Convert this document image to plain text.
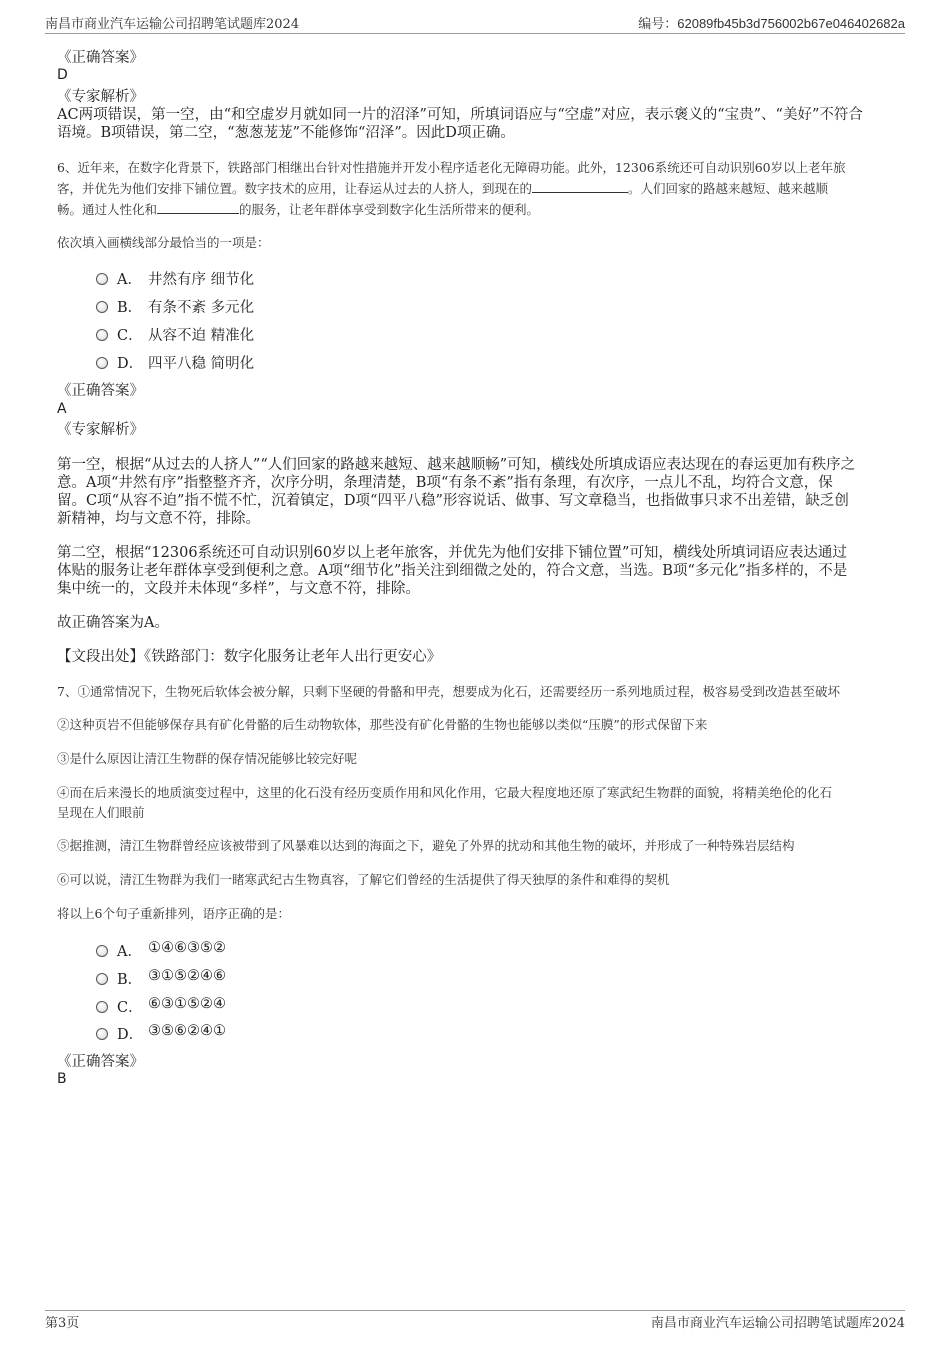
南昌市商业汽车运输公司招聘笔试题库2024	编号：62089fb45b3d756002b67e046402682a
《正确答案》
D
《专家解析》
AC两项错误，第一空，由“和空虚岁月就如同一片的沼泽”可知，所填词语应与“空虚”对应，表示褒义的“宝贵”、“美好”不符合
语境。B项错误，第二空，“葱葱茏茏”不能修饰“沼泽”。因此D项正确。
6、近年来，在数字化背景下，铁路部门相继出台针对性措施并开发小程序适老化无障碍功能。此外，12306系统还可自动识别60岁以上老年旅
客，并优先为他们安排下铺位置。数字技术的应用，让春运从过去的人挤人，到现在的	。人们回家的路越来越短、越来越顺
畅。通过人性化和	的服务，让老年群体享受到数字化生活所带来的便利。
依次填入画横线部分最恰当的一项是：
A． 井然有序 细节化
B． 有条不紊 多元化
C． 从容不迫 精准化
D． 四平八稳 简明化
《正确答案》
A
《专家解析》
第一空，根据“从过去的人挤人”“人们回家的路越来越短、越来越顺畅”可知，横线处所填成语应表达现在的春运更加有秩序之
意。A项“井然有序”指整整齐齐，次序分明，条理清楚，B项“有条不紊”指有条理，有次序，一点儿不乱，均符合文意，保
留。C项“从容不迫”指不慌不忙，沉着镇定，D项“四平八稳”形容说话、做事、写文章稳当，也指做事只求不出差错，缺乏创
新精神，均与文意不符，排除。
第二空，根据“12306系统还可自动识别60岁以上老年旅客，并优先为他们安排下铺位置”可知，横线处所填词语应表达通过
体贴的服务让老年群体享受到便利之意。A项“细节化”指关注到细微之处的，符合文意，当选。B项“多元化”指多样的，不是
集中统一的，文段并未体现“多样”，与文意不符，排除。
故正确答案为A。
【文段出处】《铁路部门：数字化服务让老年人出行更安心》
7、①通常情况下，生物死后软体会被分解，只剩下坚硬的骨骼和甲壳，想要成为化石，还需要经历一系列地质过程，极容易受到改造甚至破坏
②这种页岩不但能够保存具有矿化骨骼的后生动物软体，那些没有矿化骨骼的生物也能够以类似“压膜”的形式保留下来
③是什么原因让清江生物群的保存情况能够比较完好呢
④而在后来漫长的地质演变过程中，这里的化石没有经历变质作用和风化作用，它最大程度地还原了寒武纪生物群的面貌，将精美绝伦的化石
呈现在人们眼前
⑤据推测，清江生物群曾经应该被带到了风暴难以达到的海面之下，避免了外界的扰动和其他生物的破坏，并形成了一种特殊岩层结构
⑥可以说，清江生物群为我们一睹寒武纪古生物真容，了解它们曾经的生活提供了得天独厚的条件和难得的契机
将以上6个句子重新排列，语序正确的是：
A． ①④⑥③⑤②
B． ③①⑤②④⑥
C． ⑥③①⑤②④
D． ③⑤⑥②④①
《正确答案》
B
第3页	南昌市商业汽车运输公司招聘笔试题库2024
